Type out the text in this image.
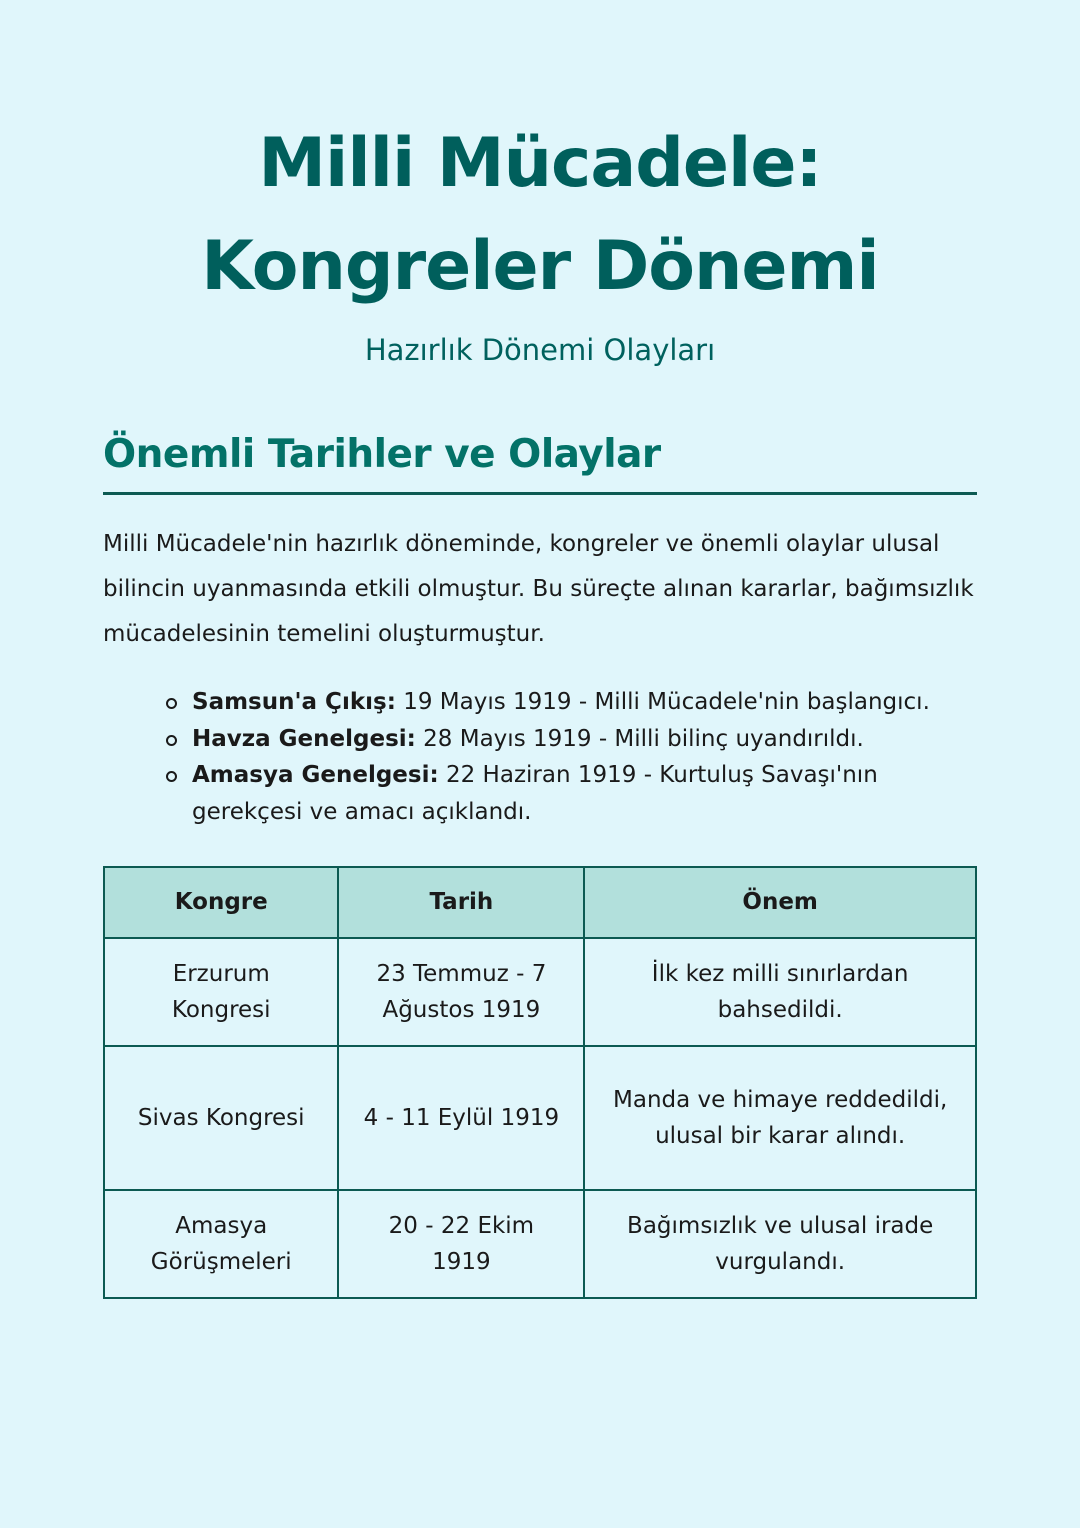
Milli Mücadele:
Kongreler Dönemi
Hazırlık Dönemi Olayları
Önemli Tarihler ve Olaylar

Milli Mücadele'nin hazırlık döneminde, kongreler ve önemli olaylar ulusal bilincin uyanmasında etkili olmuştur. Bu süreçte alınan kararlar, bağımsızlık mücadelesinin temelini oluşturmuştur.

Samsun'a Çıkış: 19 Mayıs 1919 - Milli Mücadele'nin başlangıcı.
Havza Genelgesi: 28 Mayıs 1919 - Milli bilinç uyandırıldı.
Amasya Genelgesi: 22 Haziran 1919 - Kurtuluş Savaşı'nın gerekçesi ve amacı açıklandı.
Kongre	Tarih	Önem
Erzurum Kongresi	23 Temmuz - 7 Ağustos 1919	İlk kez milli sınırlardan bahsedildi.
Sivas Kongresi	4 - 11 Eylül 1919	Manda ve himaye reddedildi, ulusal bir karar alındı.
Amasya Görüşmeleri	20 - 22 Ekim 1919	Bağımsızlık ve ulusal irade vurgulandı.
